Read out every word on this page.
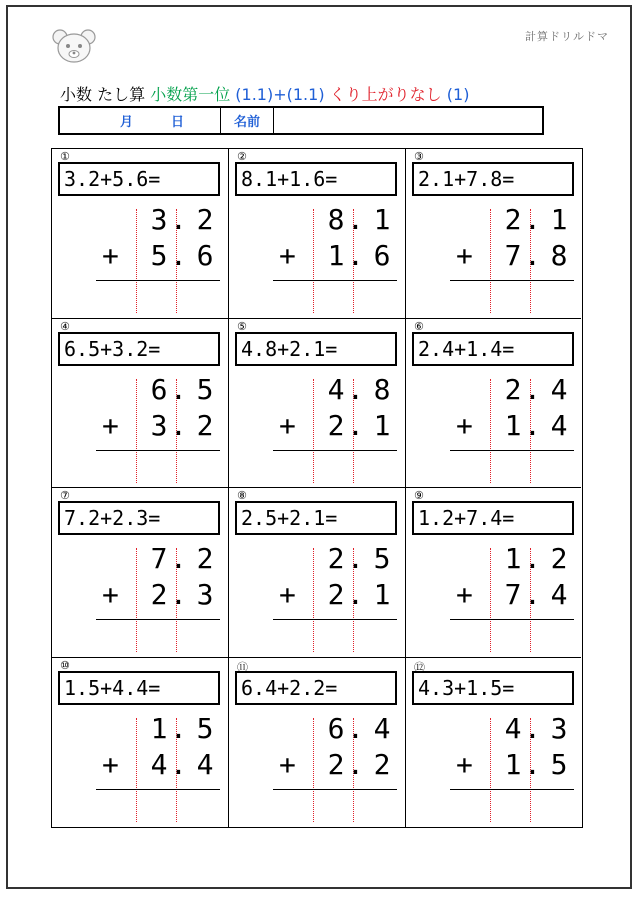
計算ドリルドマ
小数 たし算 小数第一位 (1.1)+(1.1) くり上がりなし (1)
月	日	名前
①
3.2+5.6=
3 . 2
+ 5 . 6
②
8.1+1.6=
8 . 1
+ 1 . 6
③
2.1+7.8=
2 . 1
+ 7 . 8
④
6.5+3.2=
6 . 5
+ 3 . 2
⑤
4.8+2.1=
4 . 8
+ 2 . 1
⑥
2.4+1.4=
2 . 4
+ 1 . 4
⑦
7.2+2.3=
7 . 2
+ 2 . 3
⑧
2.5+2.1=
2 . 5
+ 2 . 1
⑨
1.2+7.4=
1 . 2
+ 7 . 4
⑩
1.5+4.4=
1 . 5
+ 4 . 4
⑪
6.4+2.2=
6 . 4
+ 2 . 2
⑫
4.3+1.5=
4 . 3
+ 1 . 5
